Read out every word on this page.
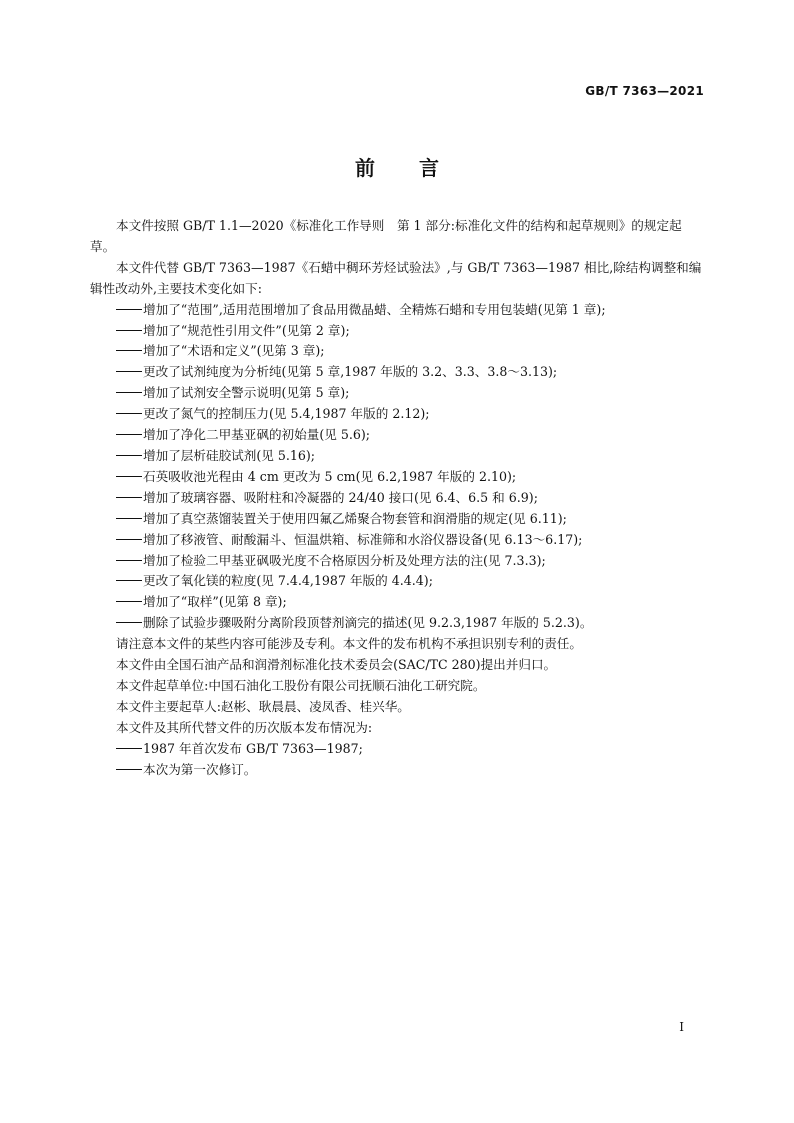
GB/T 7363—2021
前 言

本文件按照 GB/T 1.1—2020《标准化工作导则　第 1 部分:标准化文件的结构和起草规则》的规定起草。

本文件代替 GB/T 7363—1987《石蜡中稠环芳烃试验法》,与 GB/T 7363—1987 相比,除结构调整和编辑性改动外,主要技术变化如下:

增加了“范围”,适用范围增加了食品用微晶蜡、全精炼石蜡和专用包装蜡(见第 1 章);
增加了“规范性引用文件”(见第 2 章);
增加了“术语和定义”(见第 3 章);
更改了试剂纯度为分析纯(见第 5 章,1987 年版的 3.2、3.3、3.8～3.13);
增加了试剂安全警示说明(见第 5 章);
更改了氮气的控制压力(见 5.4,1987 年版的 2.12);
增加了净化二甲基亚砜的初始量(见 5.6);
增加了层析硅胶试剂(见 5.16);
石英吸收池光程由 4 cm 更改为 5 cm(见 6.2,1987 年版的 2.10);
增加了玻璃容器、吸附柱和冷凝器的 24/40 接口(见 6.4、6.5 和 6.9);
增加了真空蒸馏装置关于使用四氟乙烯聚合物套管和润滑脂的规定(见 6.11);
增加了移液管、耐酸漏斗、恒温烘箱、标准筛和水浴仪器设备(见 6.13～6.17);
增加了检验二甲基亚砜吸光度不合格原因分析及处理方法的注(见 7.3.3);
更改了氧化镁的粒度(见 7.4.4,1987 年版的 4.4.4);
增加了“取样”(见第 8 章);
删除了试验步骤吸附分离阶段顶替剂滴完的描述(见 9.2.3,1987 年版的 5.2.3)。
请注意本文件的某些内容可能涉及专利。本文件的发布机构不承担识别专利的责任。
本文件由全国石油产品和润滑剂标准化技术委员会(SAC/TC 280)提出并归口。
本文件起草单位:中国石油化工股份有限公司抚顺石油化工研究院。
本文件主要起草人:赵彬、耿晨晨、凌凤香、桂兴华。
本文件及其所代替文件的历次版本发布情况为:
1987 年首次发布 GB/T 7363—1987;
本次为第一次修订。
I
